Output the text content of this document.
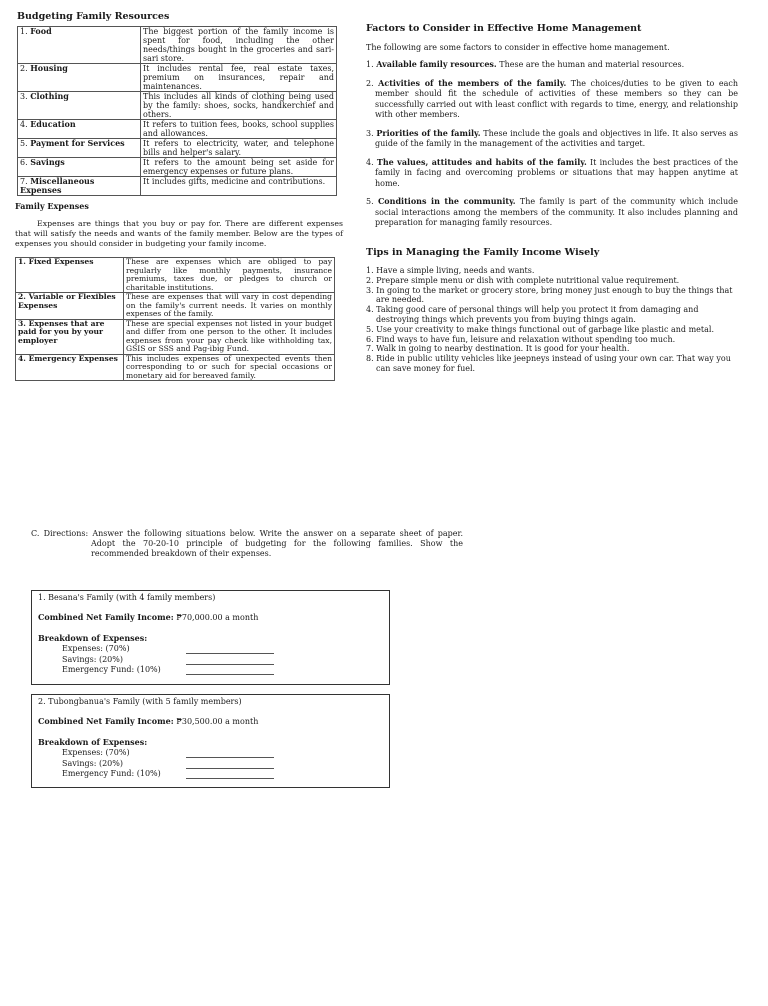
Budgeting Family Resources
1. Food	The biggest portion of the family income is spent for food, including the other needs/things bought in the groceries and sari-sari store.
2. Housing	It includes rental fee, real estate taxes, premium on insurances, repair and maintenances.
3. Clothing	This includes all kinds of clothing being used by the family: shoes, socks, handkerchief and others.
4. Education	It refers to tuition fees, books, school supplies and allowances.
5. Payment for Services	It refers to electricity, water, and telephone bills and helper's salary.
6. Savings	It refers to the amount being set aside for emergency expenses or future plans.
7. Miscellaneous Expenses	It includes gifts, medicine and contributions.
Family Expenses
Expenses are things that you buy or pay for. There are different expenses that will satisfy the needs and wants of the family member. Below are the types of expenses you should consider in budgeting your family income.
1. Fixed Expenses	These are expenses which are obliged to pay regularly like monthly payments, insurance premiums, taxes due, or pledges to church or charitable institutions.
2. Variable or Flexibles Expenses	These are expenses that will vary in cost depending on the family's current needs. It varies on monthly expenses of the family.
3. Expenses that are paid for you by your employer	These are special expenses not listed in your budget and differ from one person to the other. It includes expenses from your pay check like withholding tax, GSIS or SSS and Pag-ibig Fund.
4. Emergency Expenses	This includes expenses of unexpected events then corresponding to or such for special occasions or monetary aid for bereaved family.
Factors to Consider in Effective Home Management
The following are some factors to consider in effective home management.
1. Available family resources. These are the human and material resources.
2. Activities of the members of the family. The choices/duties to be given to each member should fit the schedule of activities of these members so they can be successfully carried out with least conflict with regards to time, energy, and relationship with other members.
3. Priorities of the family. These include the goals and objectives in life. It also serves as guide of the family in the management of the activities and target.
4. The values, attitudes and habits of the family. It includes the best practices of the family in facing and overcoming problems or situations that may happen anytime at home.
5. Conditions in the community. The family is part of the community which include social interactions among the members of the community. It also includes planning and preparation for managing family resources.
Tips in Managing the Family Income Wisely
1. Have a simple living, needs and wants.
2. Prepare simple menu or dish with complete nutritional value requirement.
3. In going to the market or grocery store, bring money just enough to buy the things that are needed.
4. Taking good care of personal things will help you protect it from damaging and destroying things which prevents you from buying things again.
5. Use your creativity to make things functional out of garbage like plastic and metal.
6. Find ways to have fun, leisure and relaxation without spending too much.
7. Walk in going to nearby destination. It is good for your health.
8. Ride in public utility vehicles like jeepneys instead of using your own car. That way you can save money for fuel.
C. Directions: Answer the following situations below. Write the answer on a separate sheet of paper. Adopt the 70-20-10 principle of budgeting for the following families. Show the recommended breakdown of their expenses.
1. Besana's Family (with 4 family members)
Combined Net Family Income: ₱70,000.00 a month
Breakdown of Expenses:
Expenses: (70%)
Savings: (20%)
Emergency Fund: (10%)
2. Tubongbanua's Family (with 5 family members)
Combined Net Family Income: ₱30,500.00 a month
Breakdown of Expenses:
Expenses: (70%)
Savings: (20%)
Emergency Fund: (10%)
